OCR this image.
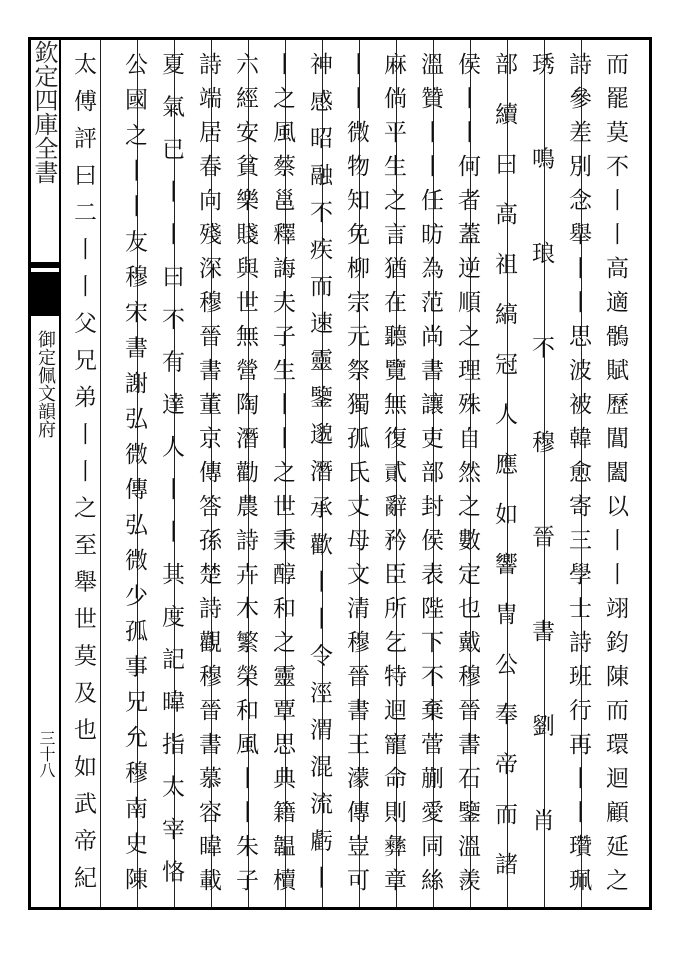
欽定四庫全書
御定佩文韻府
三十八	而罷莫不丨丨高適鶻賦歷閶闔以丨丨翊鈞陳而環迴顧延之
詩參差別念舉丨丨思波被韓愈寄三學士詩班行再丨丨瓚珮
琇鳴琅不穆晉書劉肖
部續曰高祖縞冠人應如響冑公奉帝而諸
侯丨丨何者蓋逆順之理殊自然之數定也戴穆晉書石鑒溫羨
溫贊丨丨任昉為范尚書讓吏部封侯表陛下不棄菅蒯愛同絲
麻倘平生之言猶在聽覽無復貳辭矜臣所乞特迴寵命則彝章
丨丨微物知免柳宗元祭獨孤氏丈母文清穆晉書王濛傳豈可
神感昭融不疾而速靈鑒邈潛承歡丨丨令涇渭混流虧丨
丨之風蔡邕釋誨夫子生丨丨之世秉醇和之靈覃思典籍韞櫝
六經安貧樂賤與世無營陶潛勸農詩卉木繁榮和風丨丨朱子
詩端居春向殘深穆晉書董京傳答孫楚詩觀穆晉書慕容暐載
夏氣已丨丨曰不有達人丨丨其度記暐指太宰恪
公國之丨丨友穆宋書謝弘微傳弘微少孤事兄允穆南史陳
太傅評曰二丨丨父兄弟丨丨之至舉世莫及也如武帝紀
